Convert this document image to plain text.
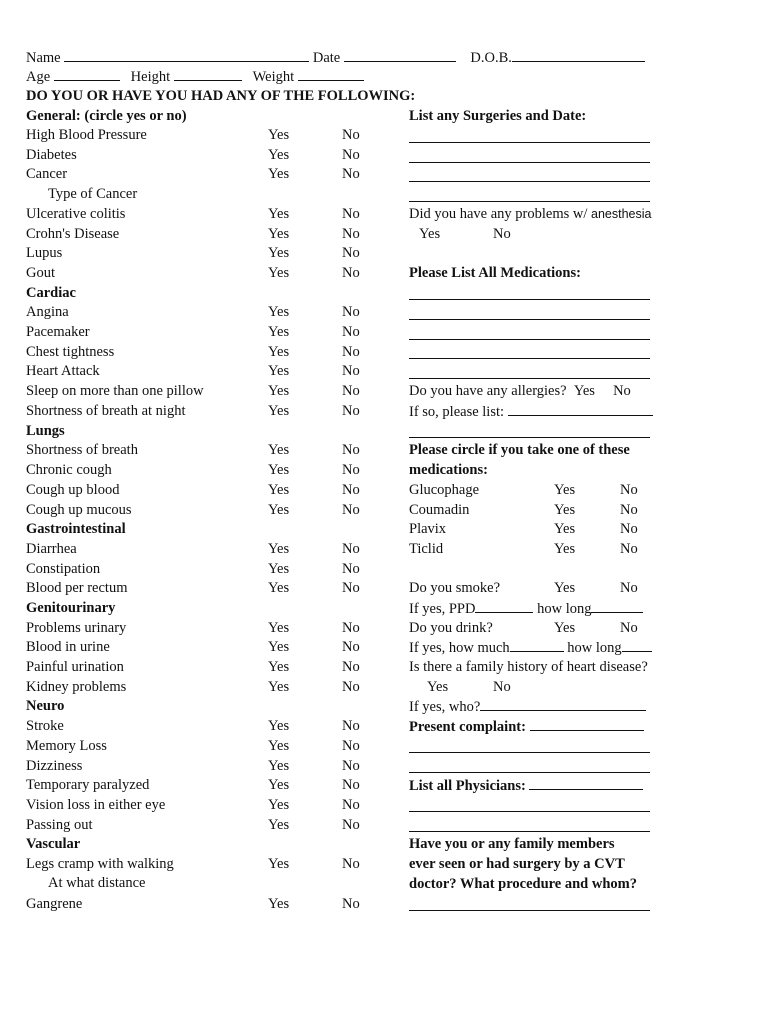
Name	Date	D.O.B.
Age	Height	Weight
DO YOU OR HAVE YOU HAD ANY OF THE FOLLOWING:
General: (circle yes or no)
High Blood Pressure	Yes	No
Diabetes	Yes	No
Cancer	Yes	No
Type of Cancer
Ulcerative colitis	Yes	No
Crohn's Disease	Yes	No
Lupus	Yes	No
Gout	Yes	No
Cardiac
Angina	Yes	No
Pacemaker	Yes	No
Chest tightness	Yes	No
Heart Attack	Yes	No
Sleep on more than one pillow	Yes	No
Shortness of breath at night	Yes	No
Lungs
Shortness of breath	Yes	No
Chronic cough	Yes	No
Cough up blood	Yes	No
Cough up mucous	Yes	No
Gastrointestinal
Diarrhea	Yes	No
Constipation	Yes	No
Blood per rectum	Yes	No
Genitourinary
Problems urinary	Yes	No
Blood in urine	Yes	No
Painful urination	Yes	No
Kidney problems	Yes	No
Neuro
Stroke	Yes	No
Memory Loss	Yes	No
Dizziness	Yes	No
Temporary paralyzed	Yes	No
Vision loss in either eye	Yes	No
Passing out	Yes	No
Vascular
Legs cramp with walking	Yes	No
At what distance
Gangrene	Yes	No
List any Surgeries and Date:
Did you have any problems w/ anesthesia
Yes	No
Please List All Medications:
Do you have any allergies? Yes No
If so, please list:
Please circle if you take one of these
medications:
Glucophage	Yes	No
Coumadin	Yes	No
Plavix	Yes	No
Ticlid	Yes	No
Do you smoke?	Yes	No
If yes, PPD	how long
Do you drink?	Yes	No
If yes, how much	how long
Is there a family history of heart disease?
Yes	No
If yes, who?
Present complaint:
List all Physicians:
Have you or any family members
ever seen or had surgery by a CVT
doctor? What procedure and whom?
